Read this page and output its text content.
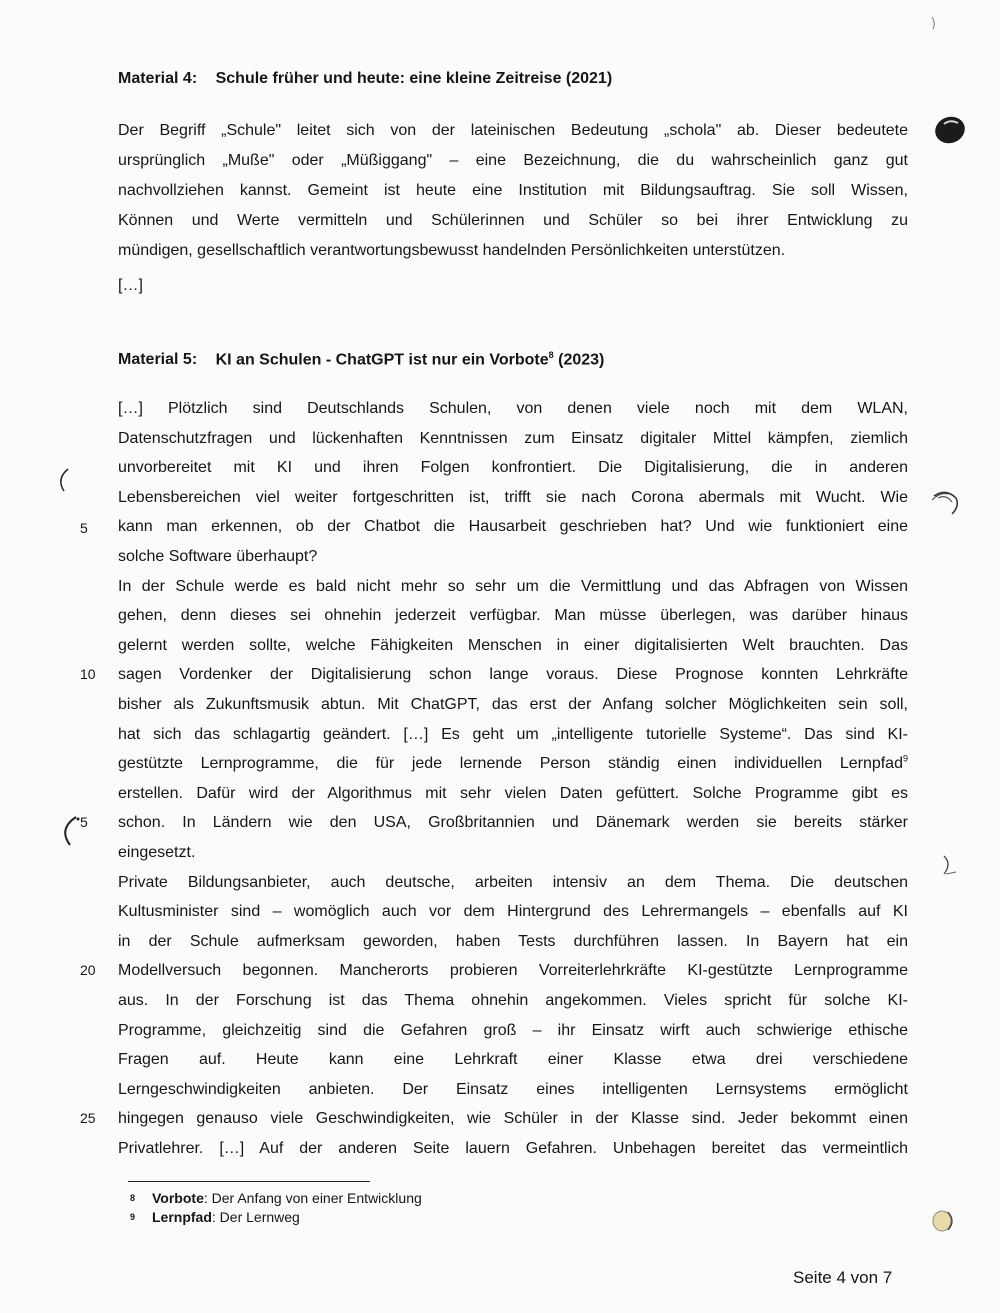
Material 4: Schule früher und heute: eine kleine Zeitreise (2021)
Der Begriff „Schule" leitet sich von der lateinischen Bedeutung „schola" ab. Dieser bedeutete
ursprünglich „Muße" oder „Müßiggang" – eine Bezeichnung, die du wahrscheinlich ganz gut
nachvollziehen kannst. Gemeint ist heute eine Institution mit Bildungsauftrag. Sie soll Wissen,
Können und Werte vermitteln und Schülerinnen und Schüler so bei ihrer Entwicklung zu
mündigen, gesellschaftlich verantwortungsbewusst handelnden Persönlichkeiten unterstützen.
[…]
Material 5: KI an Schulen - ChatGPT ist nur ein Vorbote$^8$ (2023)
[…] Plötzlich sind Deutschlands Schulen, von denen viele noch mit dem WLAN,
Datenschutzfragen und lückenhaften Kenntnissen zum Einsatz digitaler Mittel kämpfen, ziemlich
unvorbereitet mit KI und ihren Folgen konfrontiert. Die Digitalisierung, die in anderen
Lebensbereichen viel weiter fortgeschritten ist, trifft sie nach Corona abermals mit Wucht. Wie
kann man erkennen, ob der Chatbot die Hausarbeit geschrieben hat? Und wie funktioniert eine
solche Software überhaupt?
In der Schule werde es bald nicht mehr so sehr um die Vermittlung und das Abfragen von Wissen
gehen, denn dieses sei ohnehin jederzeit verfügbar. Man müsse überlegen, was darüber hinaus
gelernt werden sollte, welche Fähigkeiten Menschen in einer digitalisierten Welt brauchten. Das
sagen Vordenker der Digitalisierung schon lange voraus. Diese Prognose konnten Lehrkräfte
bisher als Zukunftsmusik abtun. Mit ChatGPT, das erst der Anfang solcher Möglichkeiten sein soll,
hat sich das schlagartig geändert. […] Es geht um „intelligente tutorielle Systeme“. Das sind KI-
gestützte Lernprogramme, die für jede lernende Person ständig einen individuellen Lernpfad$^9$
erstellen. Dafür wird der Algorithmus mit sehr vielen Daten gefüttert. Solche Programme gibt es
schon. In Ländern wie den USA, Großbritannien und Dänemark werden sie bereits stärker
eingesetzt.
Private Bildungsanbieter, auch deutsche, arbeiten intensiv an dem Thema. Die deutschen
Kultusminister sind – womöglich auch vor dem Hintergrund des Lehrermangels – ebenfalls auf KI
in der Schule aufmerksam geworden, haben Tests durchführen lassen. In Bayern hat ein
Modellversuch begonnen. Mancherorts probieren Vorreiterlehrkräfte KI-gestützte Lernprogramme
aus. In der Forschung ist das Thema ohnehin angekommen. Vieles spricht für solche KI-
Programme, gleichzeitig sind die Gefahren groß – ihr Einsatz wirft auch schwierige ethische
Fragen auf. Heute kann eine Lehrkraft einer Klasse etwa drei verschiedene
Lerngeschwindigkeiten anbieten. Der Einsatz eines intelligenten Lernsystems ermöglicht
hingegen genauso viele Geschwindigkeiten, wie Schüler in der Klasse sind. Jeder bekommt einen
Privatlehrer. […] Auf der anderen Seite lauern Gefahren. Unbehagen bereitet das vermeintlich
5
10
5
20
25
8 Vorbote: Der Anfang von einer Entwicklung
9 Lernpfad: Der Lernweg
Seite 4 von 7
